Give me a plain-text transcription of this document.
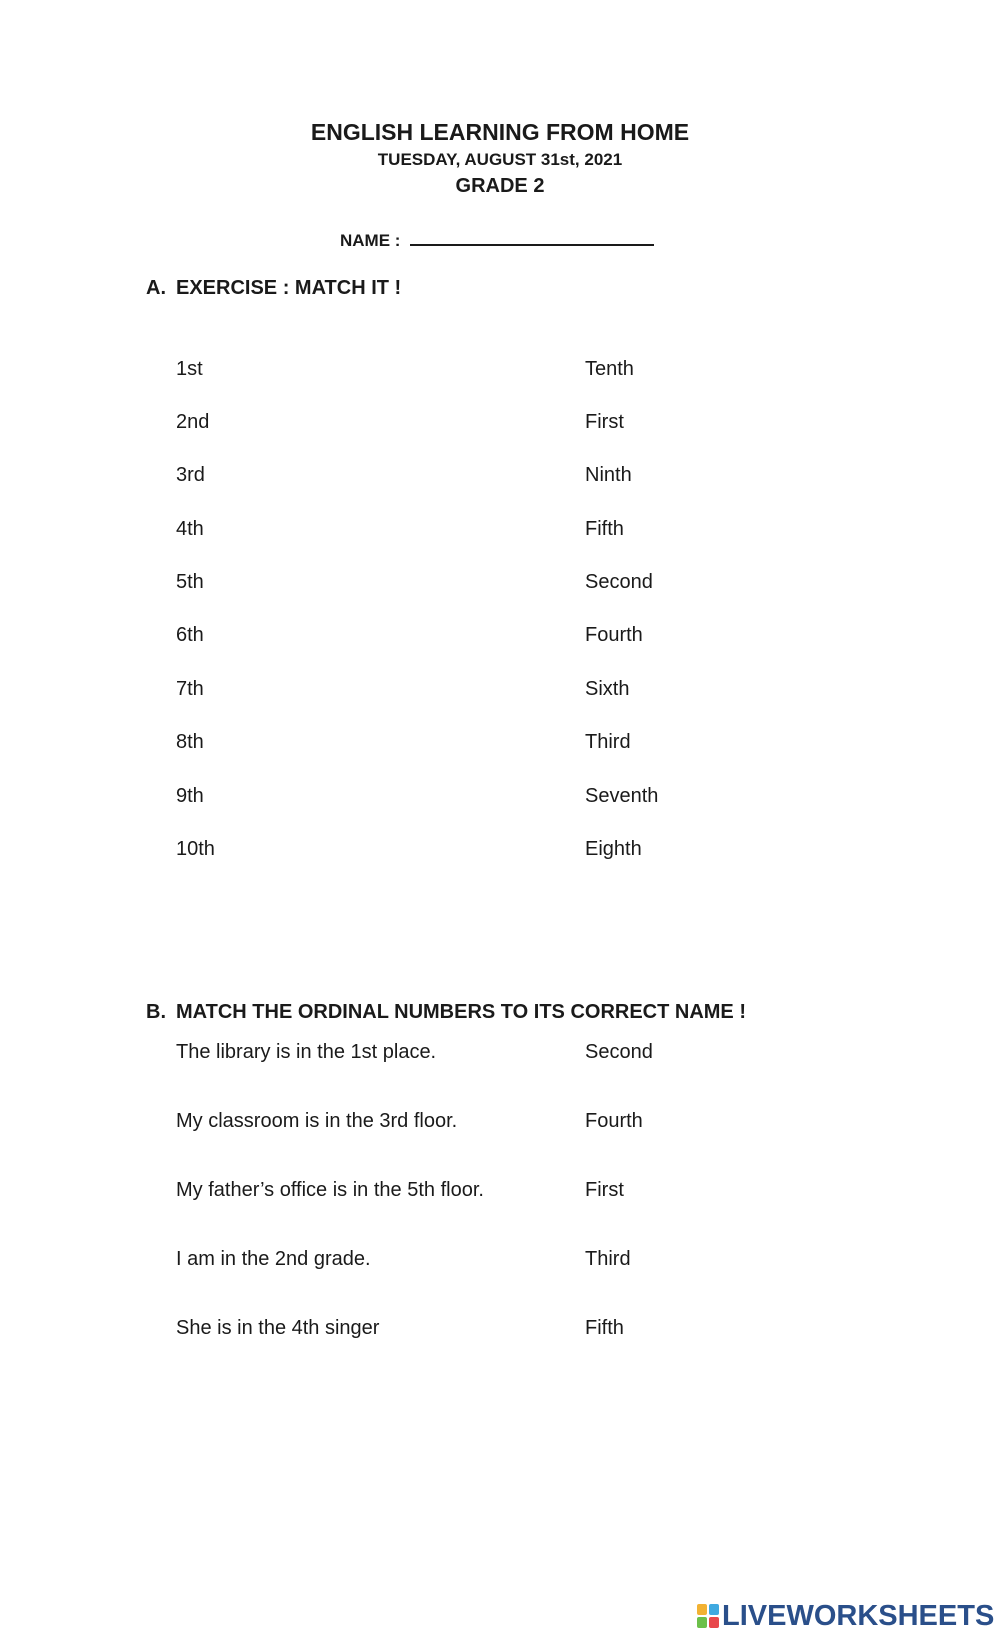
ENGLISH LEARNING FROM HOME
TUESDAY, AUGUST 31st, 2021
GRADE 2
NAME :
A. EXERCISE : MATCH IT !
1st
2nd
3rd
4th
5th
6th
7th
8th
9th
10th
Tenth
First
Ninth
Fifth
Second
Fourth
Sixth
Third
Seventh
Eighth
B. MATCH THE ORDINAL NUMBERS TO ITS CORRECT NAME !
The library is in the 1st place.
My classroom is in the 3rd floor.
My father’s office is in the 5th floor.
I am in the 2nd grade.
She is in the 4th singer
Second
Fourth
First
Third
Fifth
LIVEWORKSHEETS
